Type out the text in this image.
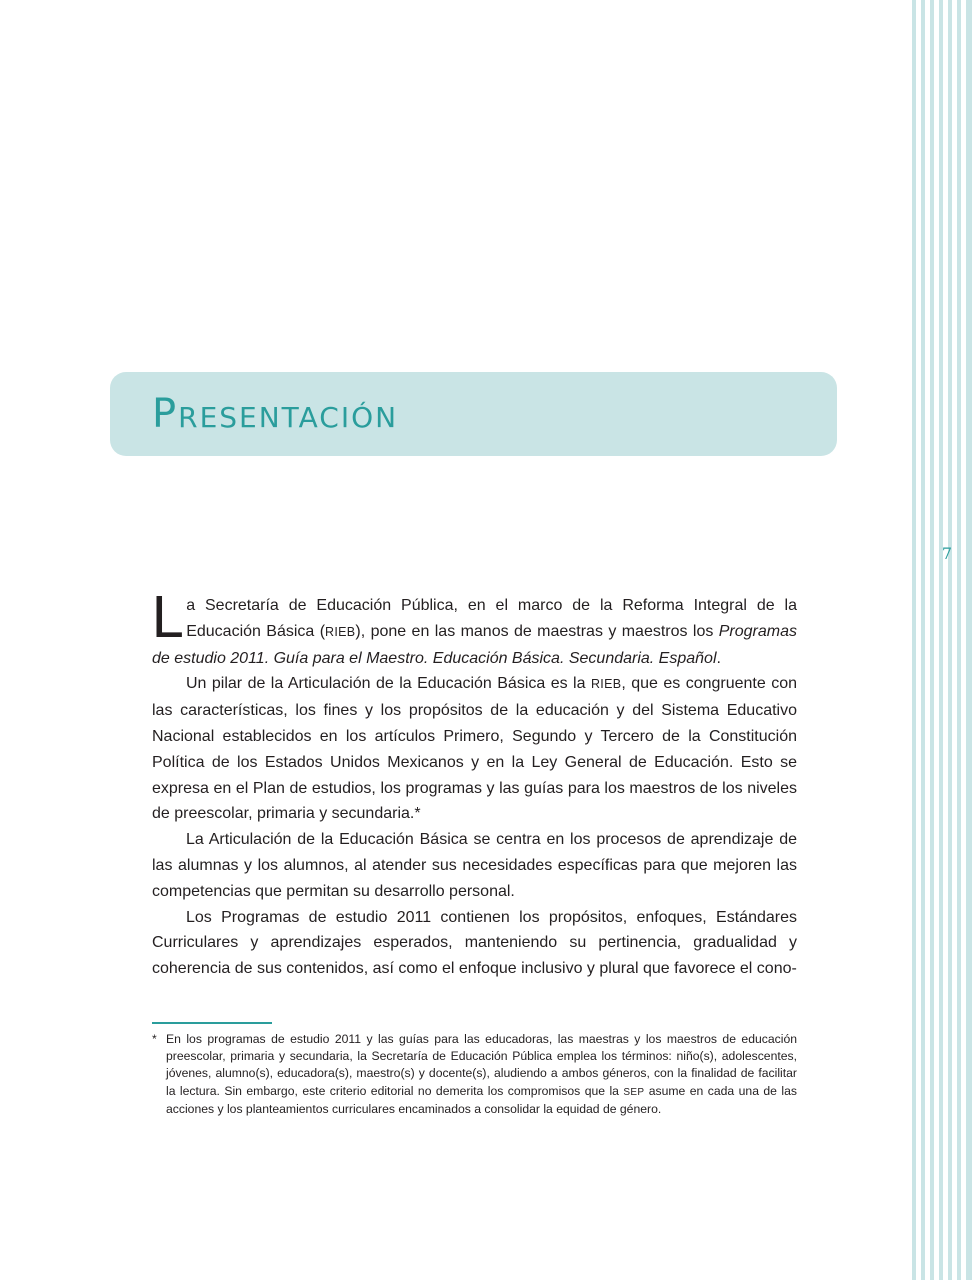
7
Presentación

La Secretaría de Educación Pública, en el marco de la Reforma Integral de la Educación Básica (RIEB), pone en las manos de maestras y maestros los Programas de estudio 2011. Guía para el Maestro. Educación Básica. Secundaria. Español.

Un pilar de la Articulación de la Educación Básica es la RIEB, que es congruente con las características, los fines y los propósitos de la educación y del Sistema Educativo Nacional establecidos en los artículos Primero, Segundo y Tercero de la Constitución Política de los Estados Unidos Mexicanos y en la Ley General de Educación. Esto se expresa en el Plan de estudios, los programas y las guías para los maestros de los niveles de preescolar, primaria y secundaria.*

La Articulación de la Educación Básica se centra en los procesos de aprendizaje de las alumnas y los alumnos, al atender sus necesidades específicas para que mejoren las competencias que permitan su desarrollo personal.

Los Programas de estudio 2011 contienen los propósitos, enfoques, Estándares Curriculares y aprendizajes esperados, manteniendo su pertinencia, gradualidad y coherencia de sus contenidos, así como el enfoque inclusivo y plural que favorece el cono-

* En los programas de estudio 2011 y las guías para las educadoras, las maestras y los maestros de educación preescolar, primaria y secundaria, la Secretaría de Educación Pública emplea los términos: niño(s), adolescentes, jóvenes, alumno(s), educadora(s), maestro(s) y docente(s), aludiendo a ambos géneros, con la finalidad de facilitar la lectura. Sin embargo, este criterio editorial no demerita los compromisos que la SEP asume en cada una de las acciones y los planteamientos curriculares encaminados a consolidar la equidad de género.
